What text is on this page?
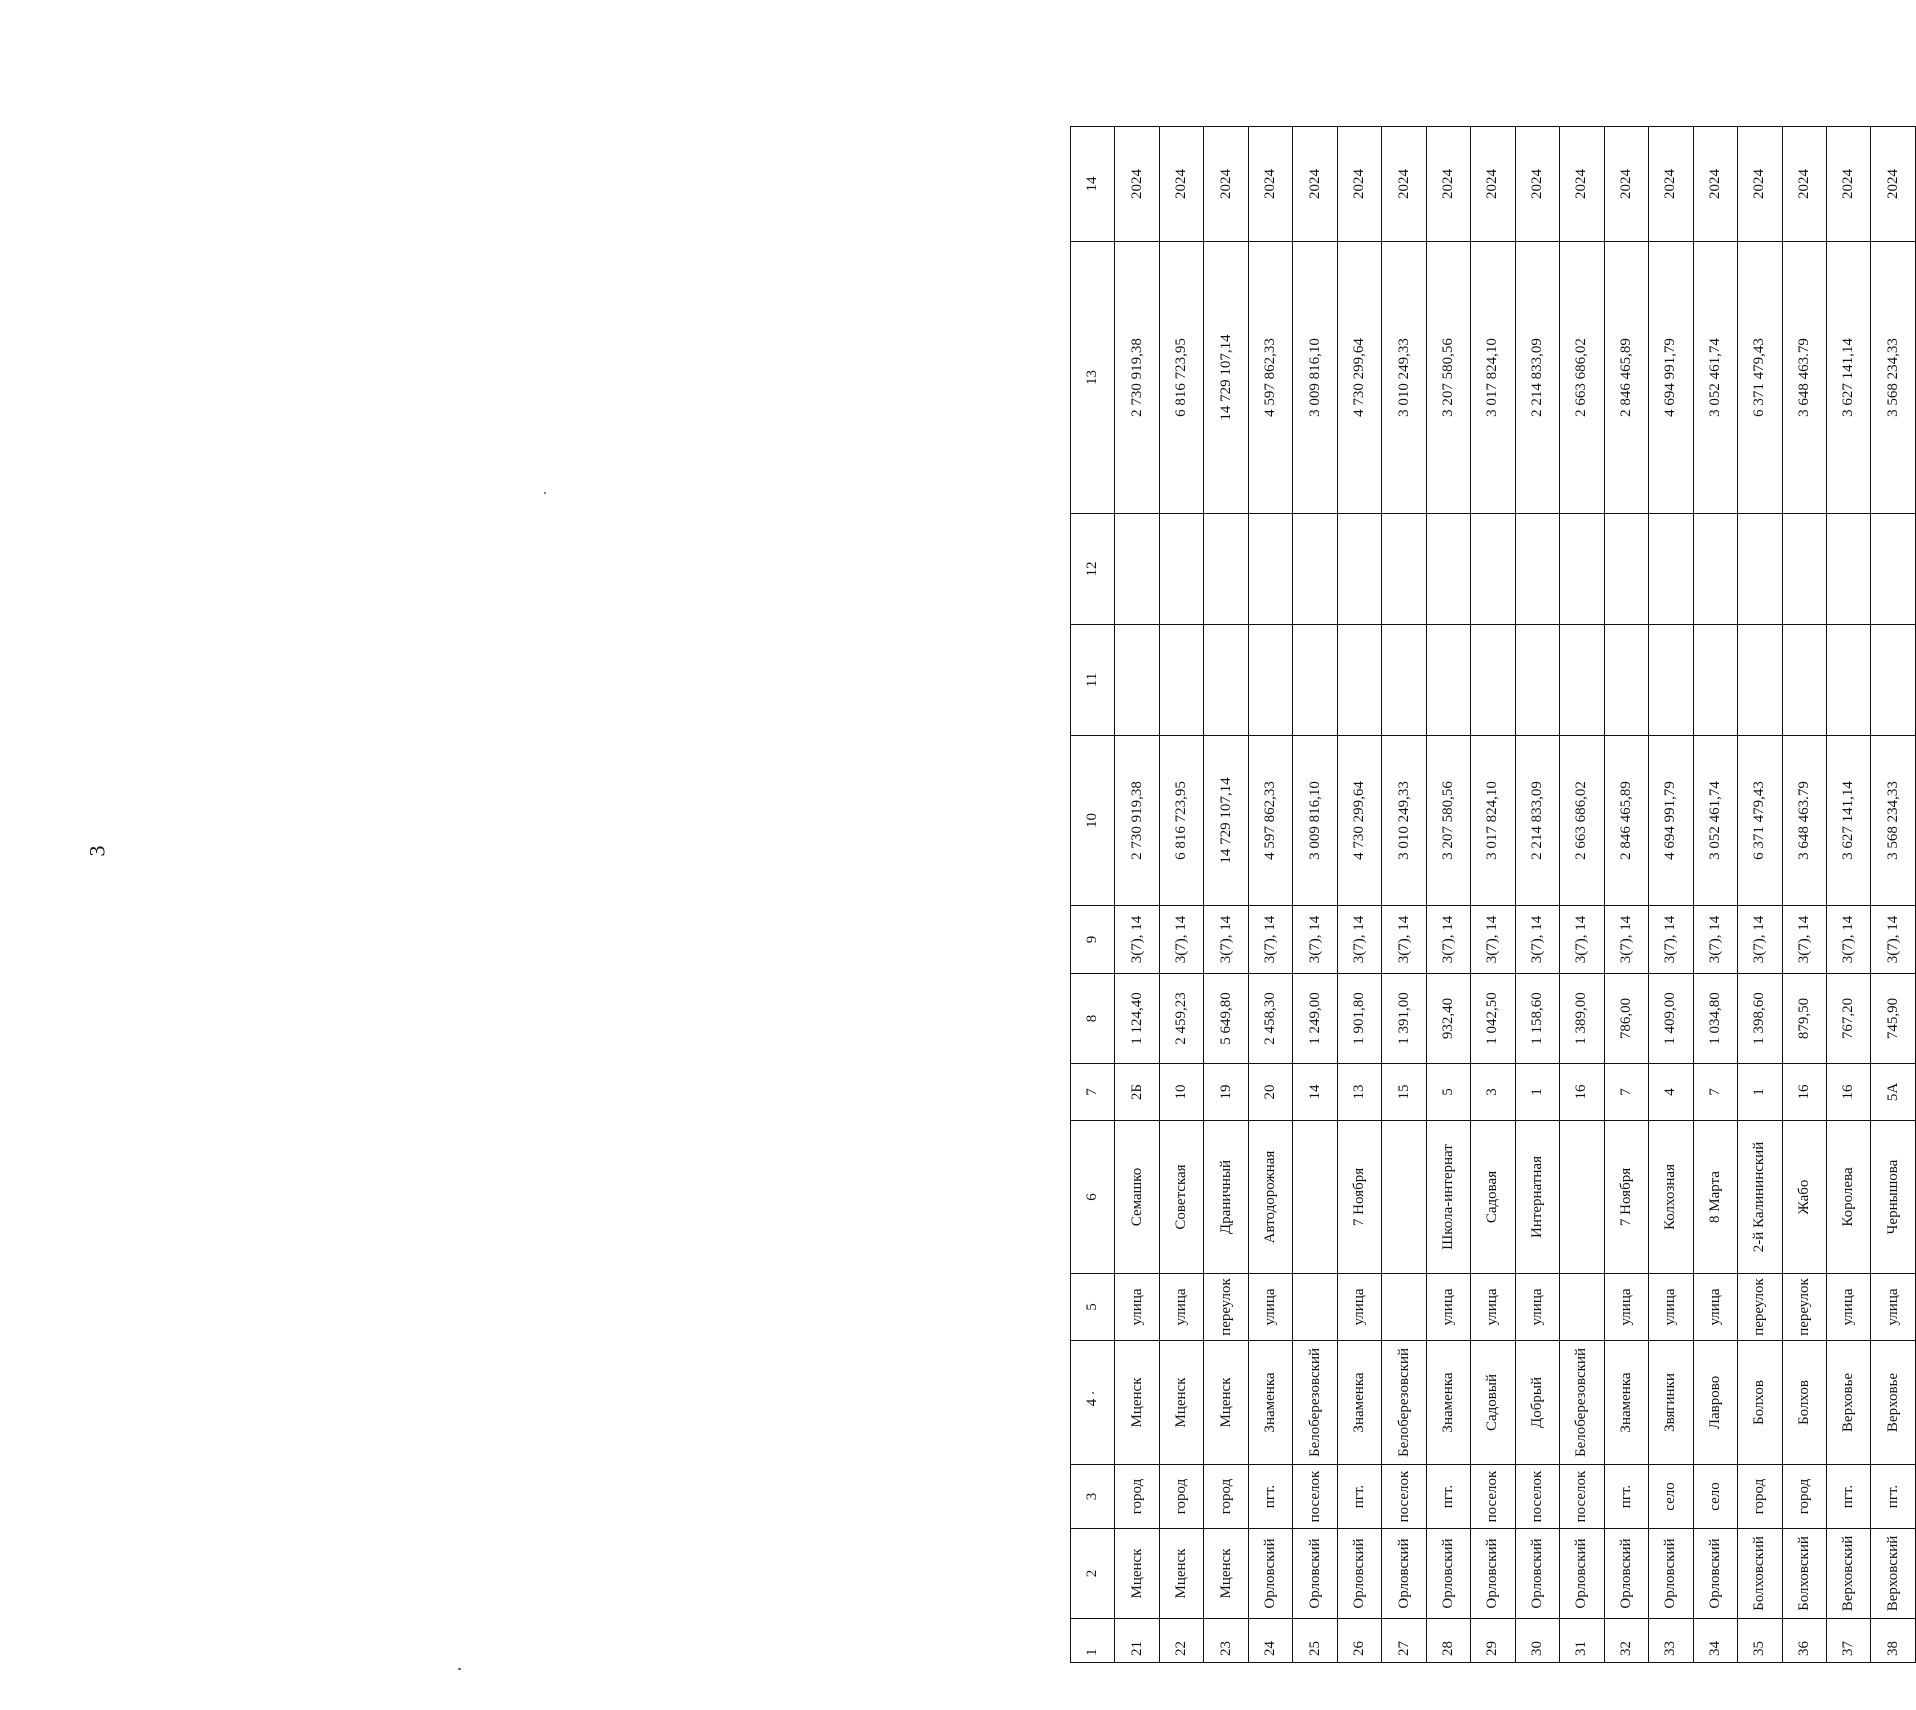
3
1	2	3	4	5	6	7	8	9	10	11	12	13	14
21	Мценск	город	Мценск	улица	Семашко	2Б	1 124,40	3(7), 14	2 730 919,38			2 730 919,38	2024
22	Мценск	город	Мценск	улица	Советская	10	2 459,23	3(7), 14	6 816 723,95			6 816 723,95	2024
23	Мценск	город	Мценск	переулок	Драничный	19	5 649,80	3(7), 14	14 729 107,14			14 729 107,14	2024
24	Орловский	пгт.	Знаменка	улица	Автодорожная	20	2 458,30	3(7), 14	4 597 862,33			4 597 862,33	2024
25	Орловский	поселок	Белоберезовский			14	1 249,00	3(7), 14	3 009 816,10			3 009 816,10	2024
26	Орловский	пгт.	Знаменка	улица	7 Ноября	13	1 901,80	3(7), 14	4 730 299,64			4 730 299,64	2024
27	Орловский	поселок	Белоберезовский			15	1 391,00	3(7), 14	3 010 249,33			3 010 249,33	2024
28	Орловский	пгт.	Знаменка	улица	Школа-интернат	5	932,40	3(7), 14	3 207 580,56			3 207 580,56	2024
29	Орловский	поселок	Садовый	улица	Садовая	3	1 042,50	3(7), 14	3 017 824,10			3 017 824,10	2024
30	Орловский	поселок	Добрый	улица	Интернатная	1	1 158,60	3(7), 14	2 214 833,09			2 214 833,09	2024
31	Орловский	поселок	Белоберезовский			16	1 389,00	3(7), 14	2 663 686,02			2 663 686,02	2024
32	Орловский	пгт.	Знаменка	улица	7 Ноября	7	786,00	3(7), 14	2 846 465,89			2 846 465,89	2024
33	Орловский	село	Звягинки	улица	Колхозная	4	1 409,00	3(7), 14	4 694 991,79			4 694 991,79	2024
34	Орловский	село	Лаврово	улица	8 Марта	7	1 034,80	3(7), 14	3 052 461,74			3 052 461,74	2024
35	Болховский	город	Болхов	переулок	2-й Калининский	1	1 398,60	3(7), 14	6 371 479,43			6 371 479,43	2024
36	Болховский	город	Болхов	переулок	Жабо	16	879,50	3(7), 14	3 648 463.79			3 648 463.79	2024
37	Верховский	пгт.	Верховье	улица	Королева	16	767,20	3(7), 14	3 627 141,14			3 627 141,14	2024
38	Верховский	пгт.	Верховье	улица	Чернышова	5А	745,90	3(7), 14	3 568 234,33			3 568 234,33	2024
